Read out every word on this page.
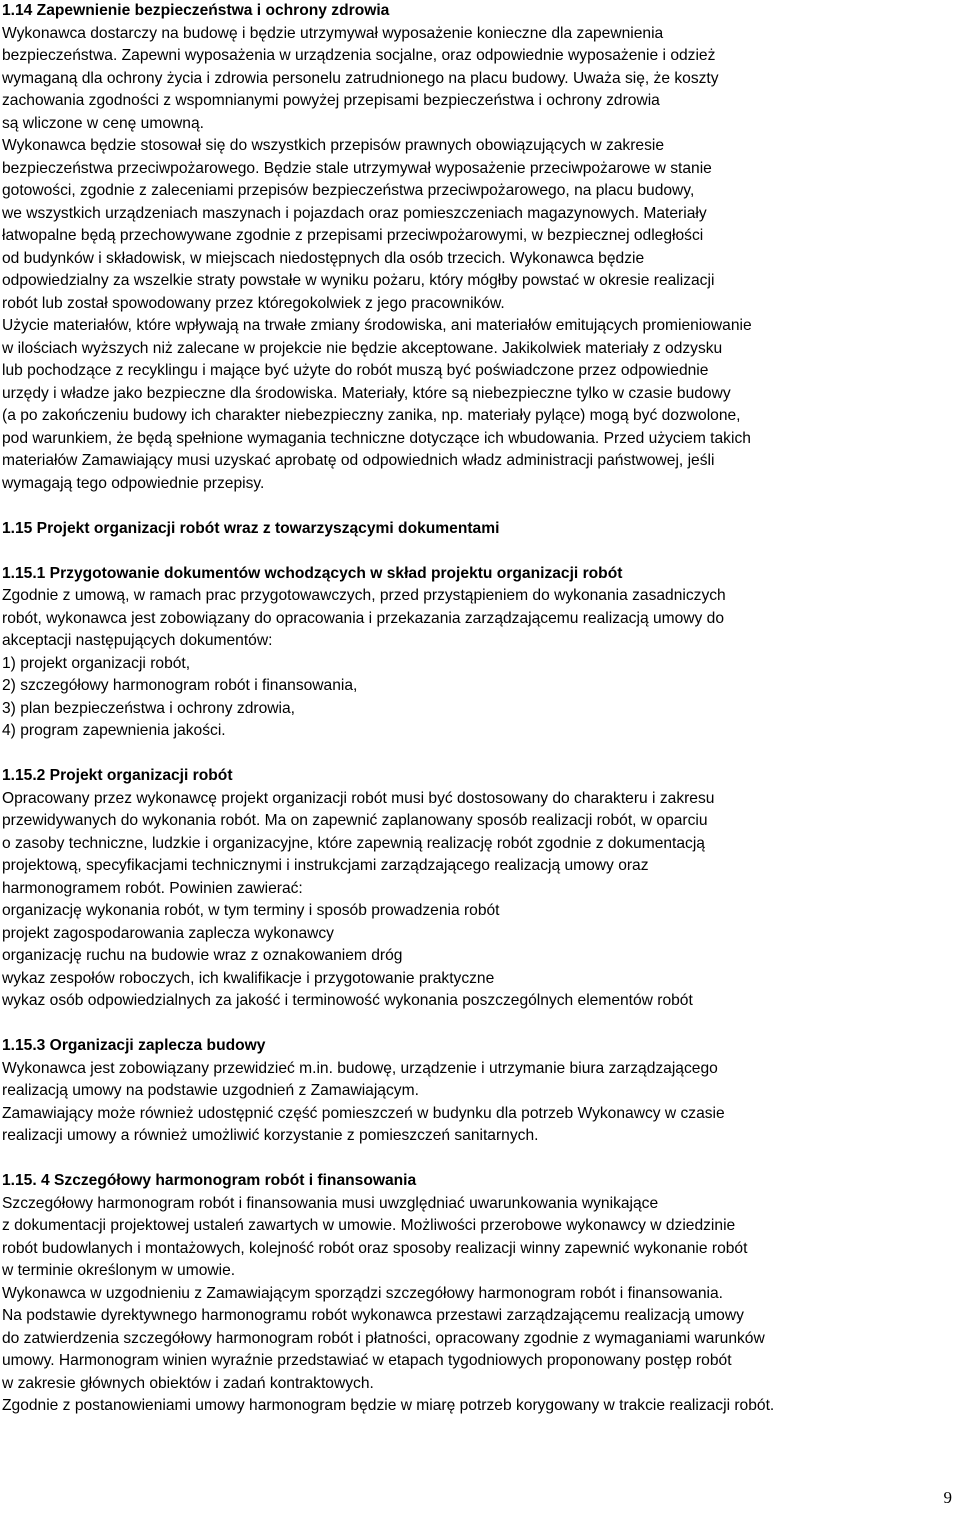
1.14 Zapewnienie bezpieczeństwa i ochrony zdrowia

Wykonawca dostarczy na budowę i będzie utrzymywał wyposażenie konieczne dla zapewnienia

bezpieczeństwa. Zapewni wyposażenia w urządzenia socjalne, oraz odpowiednie wyposażenie i odzież

wymaganą dla ochrony życia i zdrowia personelu zatrudnionego na placu budowy. Uważa się, że koszty

zachowania zgodności z wspomnianymi powyżej przepisami bezpieczeństwa i ochrony zdrowia

są wliczone w cenę umowną.

Wykonawca będzie stosował się do wszystkich przepisów prawnych obowiązujących w zakresie

bezpieczeństwa przeciwpożarowego. Będzie stale utrzymywał wyposażenie przeciwpożarowe w stanie

gotowości, zgodnie z zaleceniami przepisów bezpieczeństwa przeciwpożarowego, na placu budowy,

we wszystkich urządzeniach maszynach i pojazdach oraz pomieszczeniach magazynowych. Materiały

łatwopalne będą przechowywane zgodnie z przepisami przeciwpożarowymi, w bezpiecznej odległości

od budynków i składowisk, w miejscach niedostępnych dla osób trzecich. Wykonawca będzie

odpowiedzialny za wszelkie straty powstałe w wyniku pożaru, który mógłby powstać w okresie realizacji

robót lub został spowodowany przez któregokolwiek z jego pracowników.

Użycie materiałów, które wpływają na trwałe zmiany środowiska, ani materiałów emitujących promieniowanie

w ilościach wyższych niż zalecane w projekcie nie będzie akceptowane. Jakikolwiek materiały z odzysku

lub pochodzące z recyklingu i mające być użyte do robót muszą być poświadczone przez odpowiednie

urzędy i władze jako bezpieczne dla środowiska. Materiały, które są niebezpieczne tylko w czasie budowy

(a po zakończeniu budowy ich charakter niebezpieczny zanika, np. materiały pylące) mogą być dozwolone,

pod warunkiem, że będą spełnione wymagania techniczne dotyczące ich wbudowania. Przed użyciem takich

materiałów Zamawiający musi uzyskać aprobatę od odpowiednich władz administracji państwowej, jeśli

wymagają tego odpowiednie przepisy.

1.15 Projekt organizacji robót wraz z towarzyszącymi dokumentami
1.15.1 Przygotowanie dokumentów wchodzących w skład projektu organizacji robót

Zgodnie z umową, w ramach prac przygotowawczych, przed przystąpieniem do wykonania zasadniczych

robót, wykonawca jest zobowiązany do opracowania i przekazania zarządzającemu realizacją umowy do

akceptacji następujących dokumentów:

1) projekt organizacji robót,

2) szczegółowy harmonogram robót i finansowania,

3) plan bezpieczeństwa i ochrony zdrowia,

4) program zapewnienia jakości.

1.15.2 Projekt organizacji robót

Opracowany przez wykonawcę projekt organizacji robót musi być dostosowany do charakteru i zakresu

przewidywanych do wykonania robót. Ma on zapewnić zaplanowany sposób realizacji robót, w oparciu

o zasoby techniczne, ludzkie i organizacyjne, które zapewnią realizację robót zgodnie z dokumentacją

projektową, specyfikacjami technicznymi i instrukcjami zarządzającego realizacją umowy oraz

harmonogramem robót. Powinien zawierać:

organizację wykonania robót, w tym terminy i sposób prowadzenia robót

projekt zagospodarowania zaplecza wykonawcy

organizację ruchu na budowie wraz z oznakowaniem dróg

wykaz zespołów roboczych, ich kwalifikacje i przygotowanie praktyczne

wykaz osób odpowiedzialnych za jakość i terminowość wykonania poszczególnych elementów robót

1.15.3 Organizacji zaplecza budowy

Wykonawca jest zobowiązany przewidzieć m.in. budowę, urządzenie i utrzymanie biura zarządzającego

realizacją umowy na podstawie uzgodnień z Zamawiającym.

Zamawiający może również udostępnić część pomieszczeń w budynku dla potrzeb Wykonawcy w czasie

realizacji umowy a również umożliwić korzystanie z pomieszczeń sanitarnych.

1.15. 4 Szczegółowy harmonogram robót i finansowania

Szczegółowy harmonogram robót i finansowania musi uwzględniać uwarunkowania wynikające

z dokumentacji projektowej ustaleń zawartych w umowie. Możliwości przerobowe wykonawcy w dziedzinie

robót budowlanych i montażowych, kolejność robót oraz sposoby realizacji winny zapewnić wykonanie robót

w terminie określonym w umowie.

Wykonawca w uzgodnieniu z Zamawiającym sporządzi szczegółowy harmonogram robót i finansowania.

Na podstawie dyrektywnego harmonogramu robót wykonawca przestawi zarządzającemu realizacją umowy

do zatwierdzenia szczegółowy harmonogram robót i płatności, opracowany zgodnie z wymaganiami warunków

umowy. Harmonogram winien wyraźnie przedstawiać w etapach tygodniowych proponowany postęp robót

w zakresie głównych obiektów i zadań kontraktowych.

Zgodnie z postanowieniami umowy harmonogram będzie w miarę potrzeb korygowany w trakcie realizacji robót.

9
